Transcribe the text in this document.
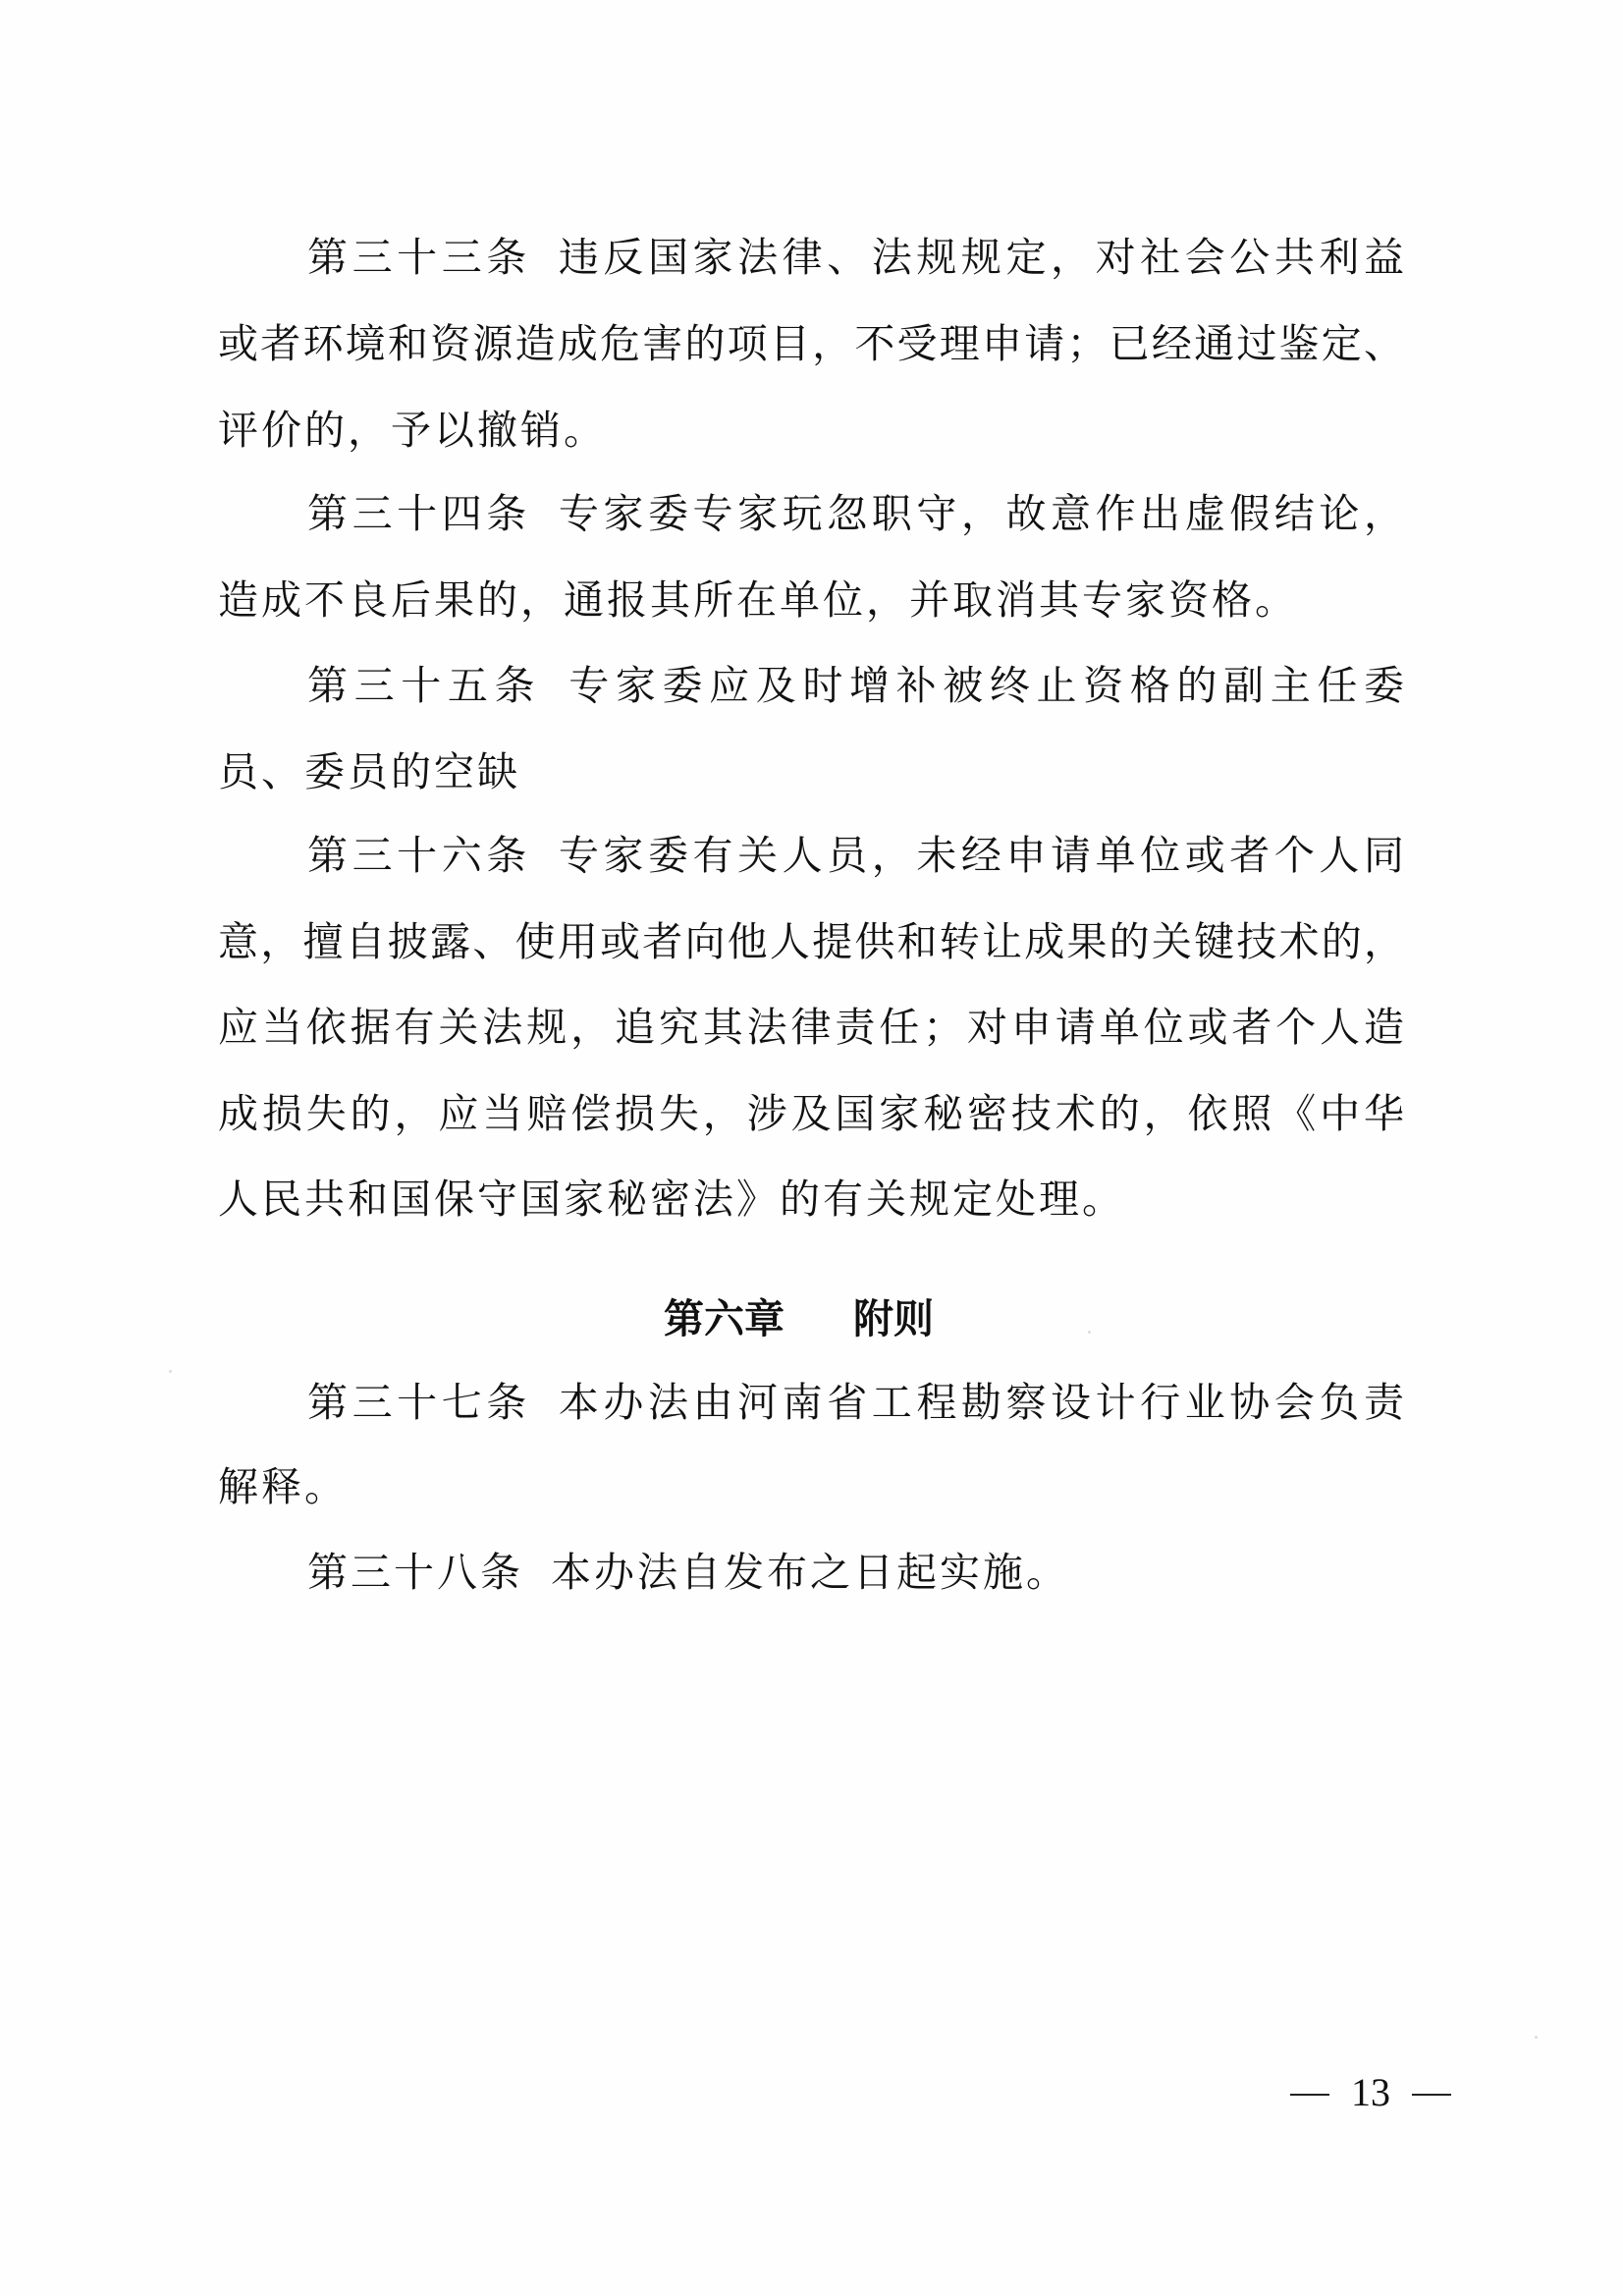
第三十三条 违反国家法律、法规规定，对社会公共利益
或者环境和资源造成危害的项目，不受理申请；已经通过鉴定、
评价的，予以撤销。
第三十四条 专家委专家玩忽职守，故意作出虚假结论，
造成不良后果的，通报其所在单位，并取消其专家资格。
第三十五条 专家委应及时增补被终止资格的副主任委
员、委员的空缺
第三十六条 专家委有关人员，未经申请单位或者个人同
意，擅自披露、使用或者向他人提供和转让成果的关键技术的，
应当依据有关法规，追究其法律责任；对申请单位或者个人造
成损失的，应当赔偿损失，涉及国家秘密技术的，依照《中华
人民共和国保守国家秘密法》的有关规定处理。
第六章 附则
第三十七条 本办法由河南省工程勘察设计行业协会负责
解释。
第三十八条 本办法自发布之日起实施。
13
